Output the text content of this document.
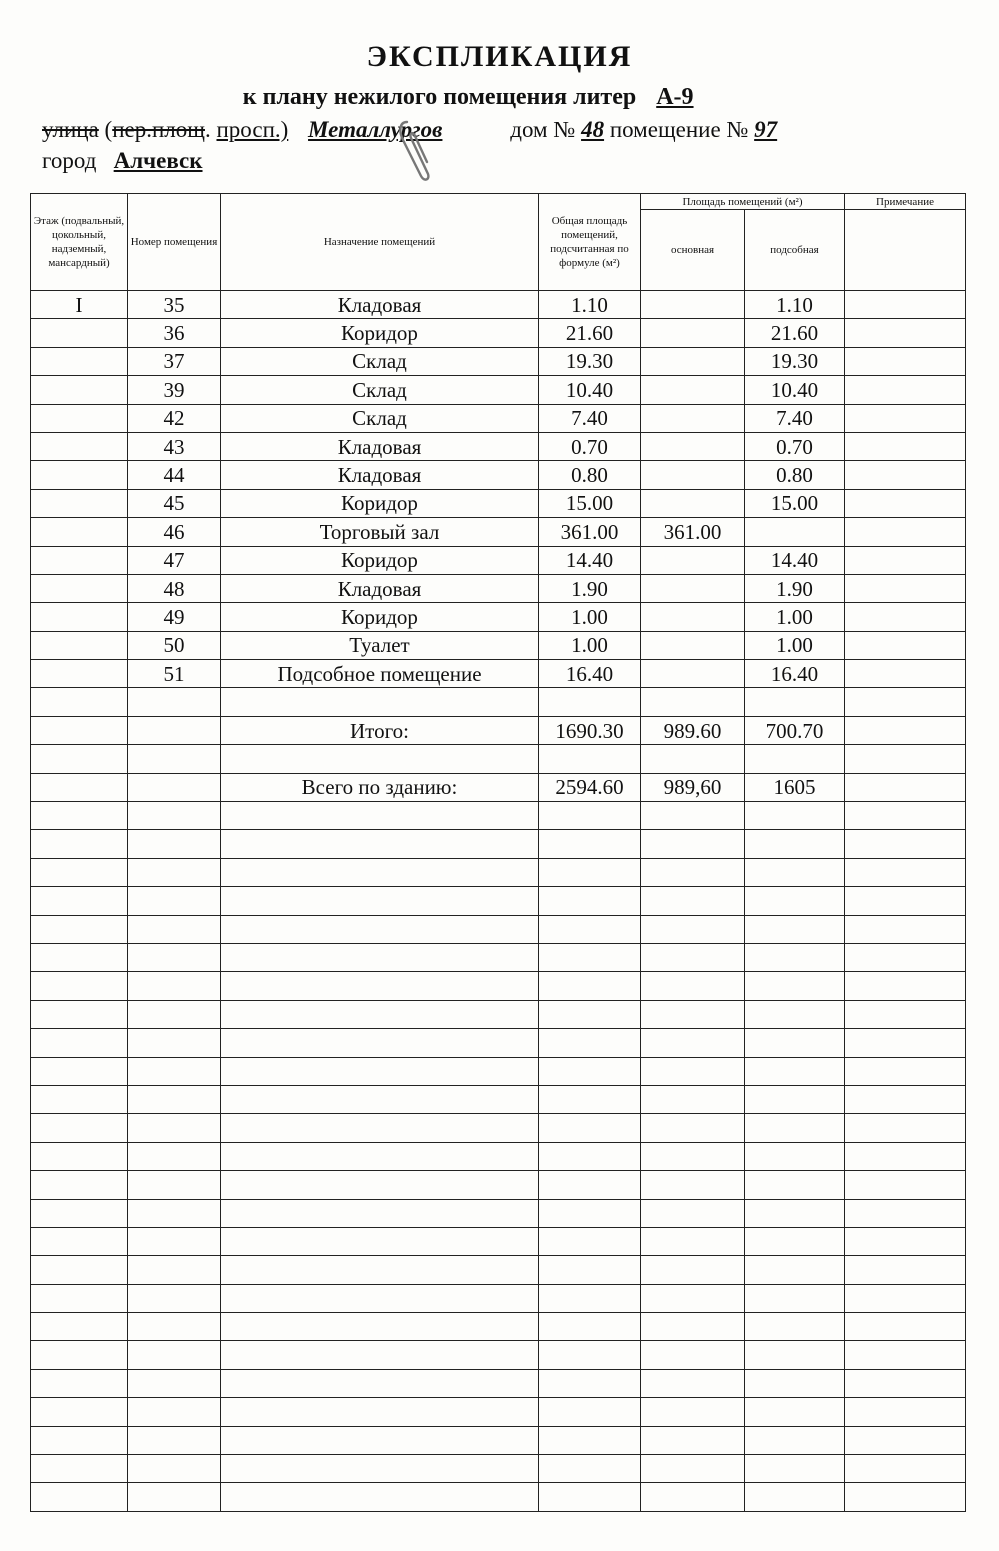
ЭКСПЛИКАЦИЯ
к плану нежилого помещения литер А-9
улица (пер.площ. просп.) Металлургов	дом № 48 помещение № 97
город Алчевск
Этаж (подвальный, цокольный, надземный, мансардный)	Номер помещения	Назначение помещений	Общая площадь помещений, подсчитанная по формуле (м²)	Площадь помещений (м²)		Примечание
				основная	подсобная	
I	35	Кладовая	1.10		1.10	
	36	Коридор	21.60		21.60	
	37	Склад	19.30		19.30	
	39	Склад	10.40		10.40	
	42	Склад	7.40		7.40	
	43	Кладовая	0.70		0.70	
	44	Кладовая	0.80		0.80	
	45	Коридор	15.00		15.00	
	46	Торговый зал	361.00	361.00		
	47	Коридор	14.40		14.40	
	48	Кладовая	1.90		1.90	
	49	Коридор	1.00		1.00	
	50	Туалет	1.00		1.00	
	51	Подсобное помещение	16.40		16.40	

		Итого:	1690.30	989.60	700.70	

		Всего по зданию:	2594.60	989,60	1605	
